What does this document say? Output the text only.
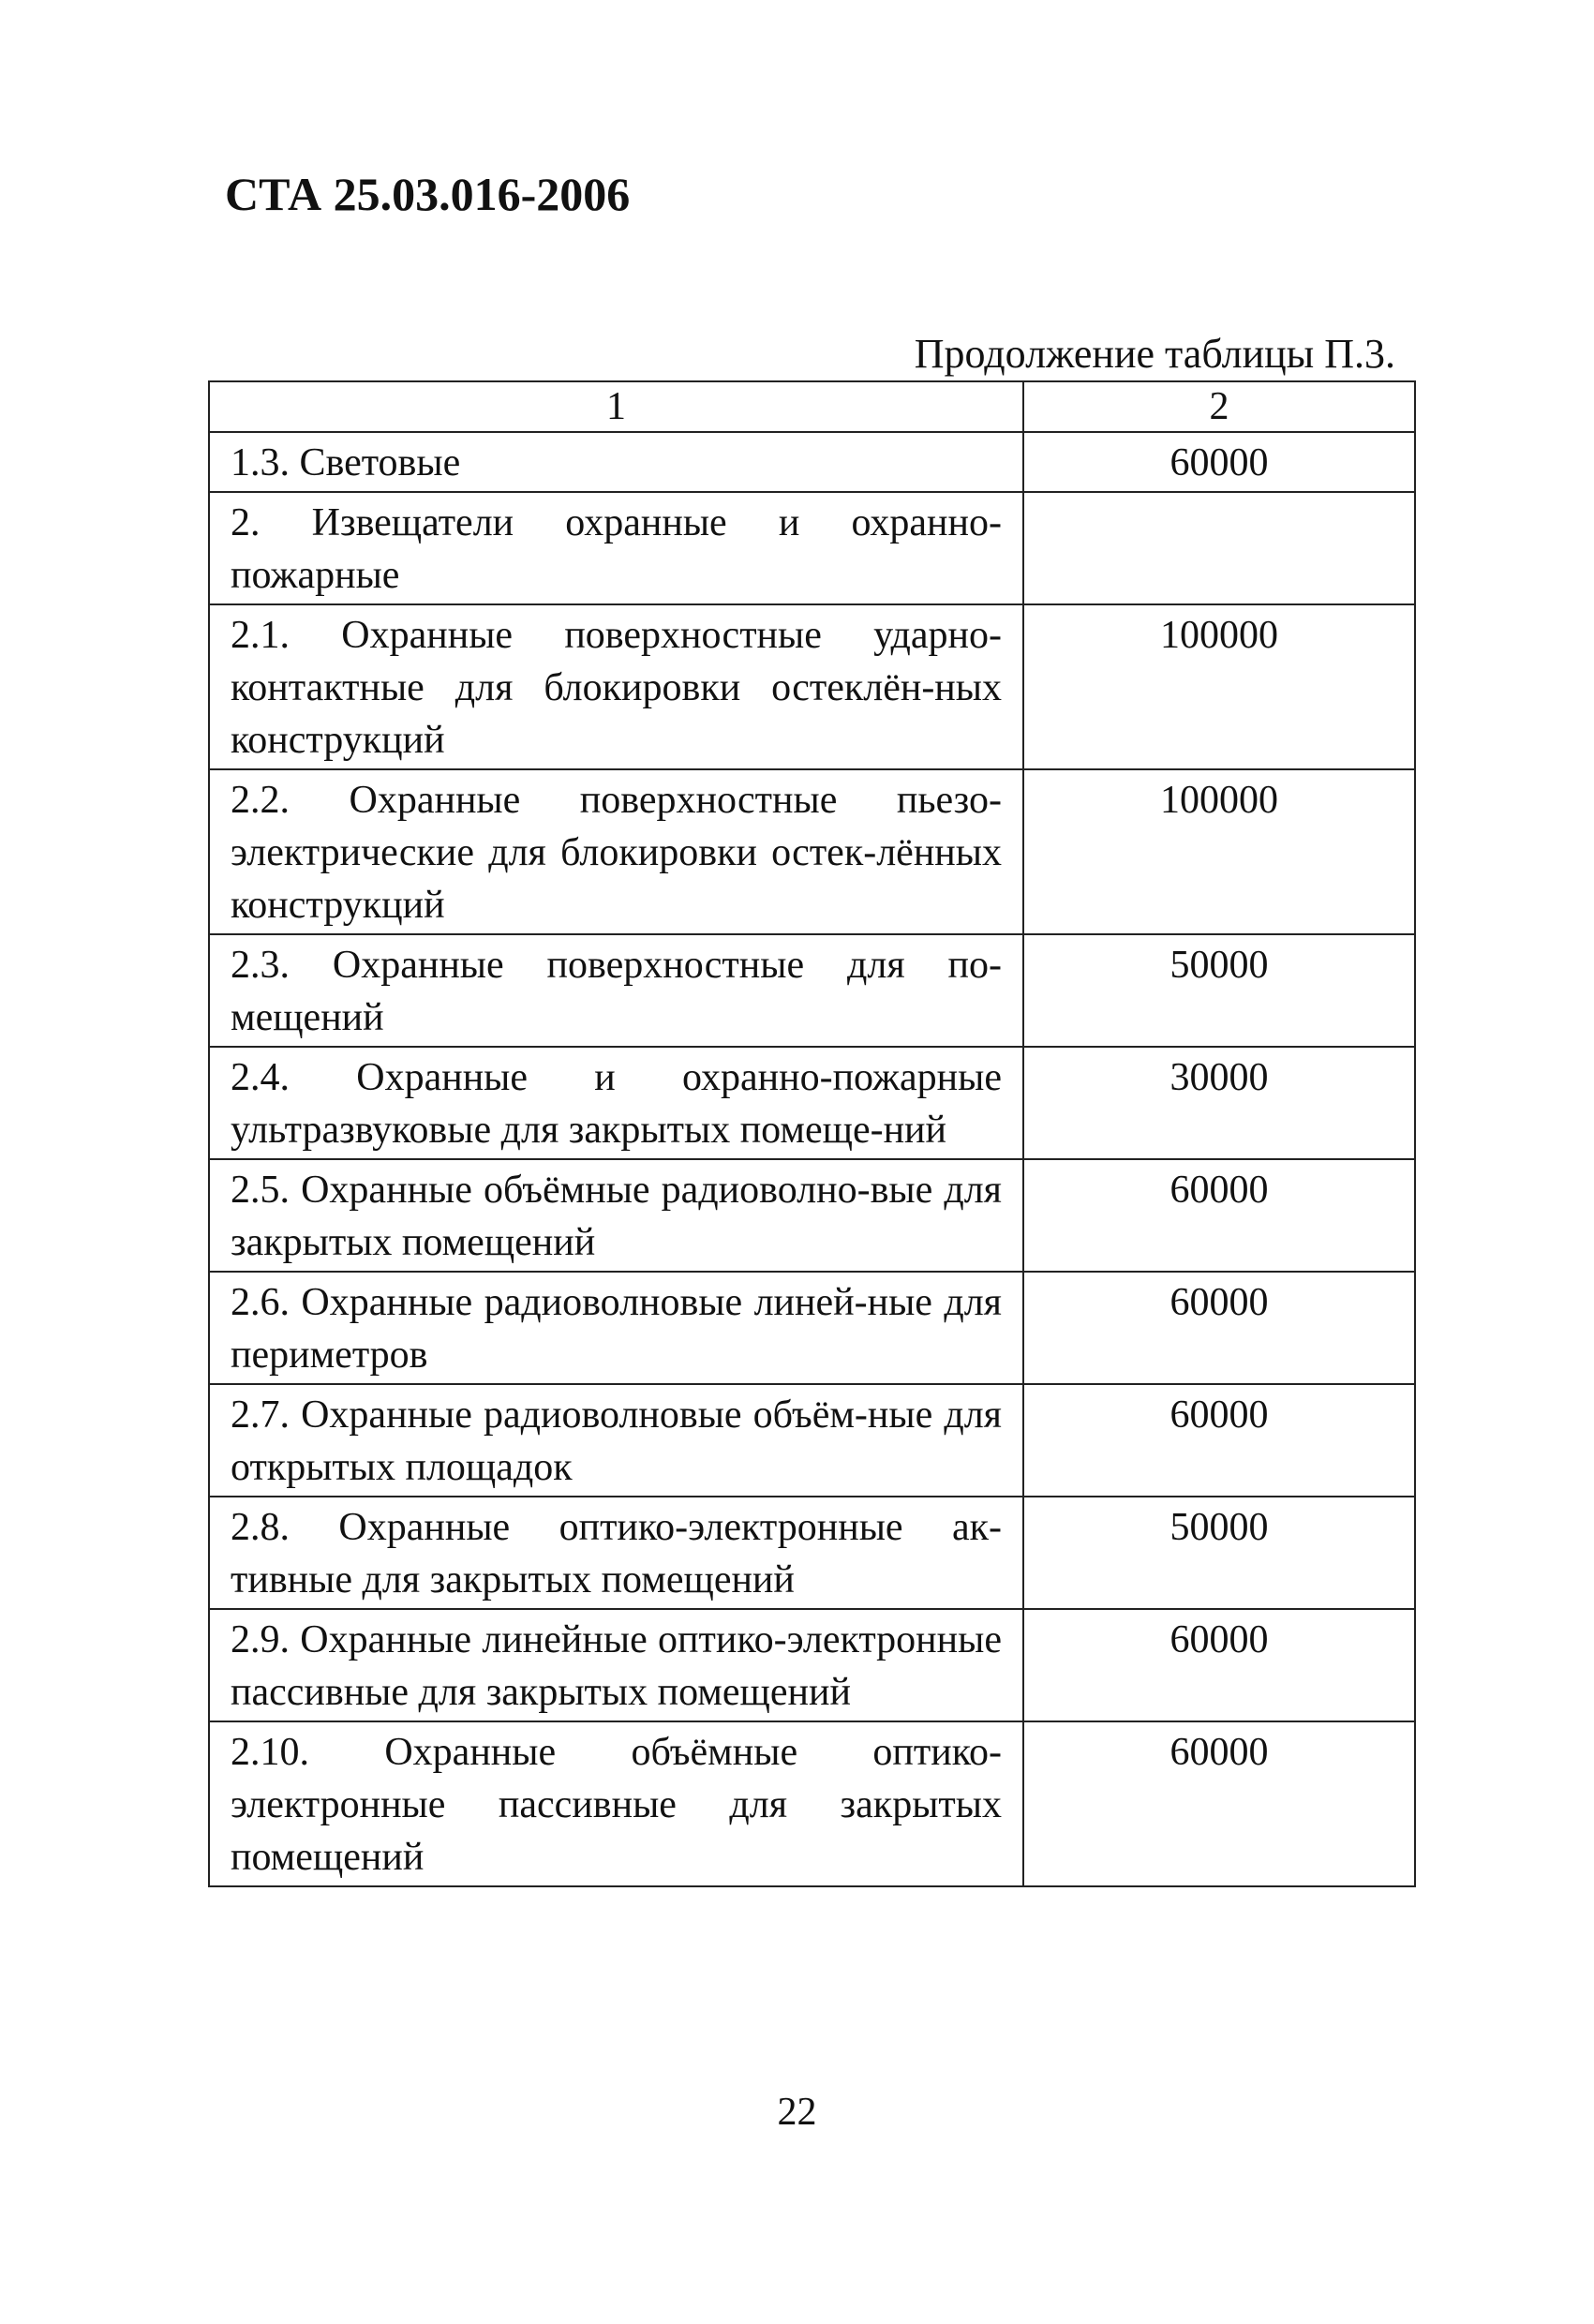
СТА 25.03.016-2006
Продолжение таблицы П.3.
1	2
1.3. Световые	60000
2. Извещатели охранные и охранно-пожарные	
2.1. Охранные поверхностные ударно-контактные для блокировки остеклён-ных конструкций	100000
2.2. Охранные поверхностные пьезо-электрические для блокировки остек-лённых конструкций	100000
2.3. Охранные поверхностные для по-мещений	50000
2.4. Охранные и охранно-пожарные ультразвуковые для закрытых помеще-ний	30000
2.5. Охранные объёмные радиоволно-вые для закрытых помещений	60000
2.6. Охранные радиоволновые линей-ные для периметров	60000
2.7. Охранные радиоволновые объём-ные для открытых площадок	60000
2.8. Охранные оптико-электронные ак-тивные для закрытых помещений	50000
2.9. Охранные линейные оптико-электронные пассивные для закрытых помещений	60000
2.10. Охранные объёмные оптико-электронные пассивные для закрытых помещений	60000
22
